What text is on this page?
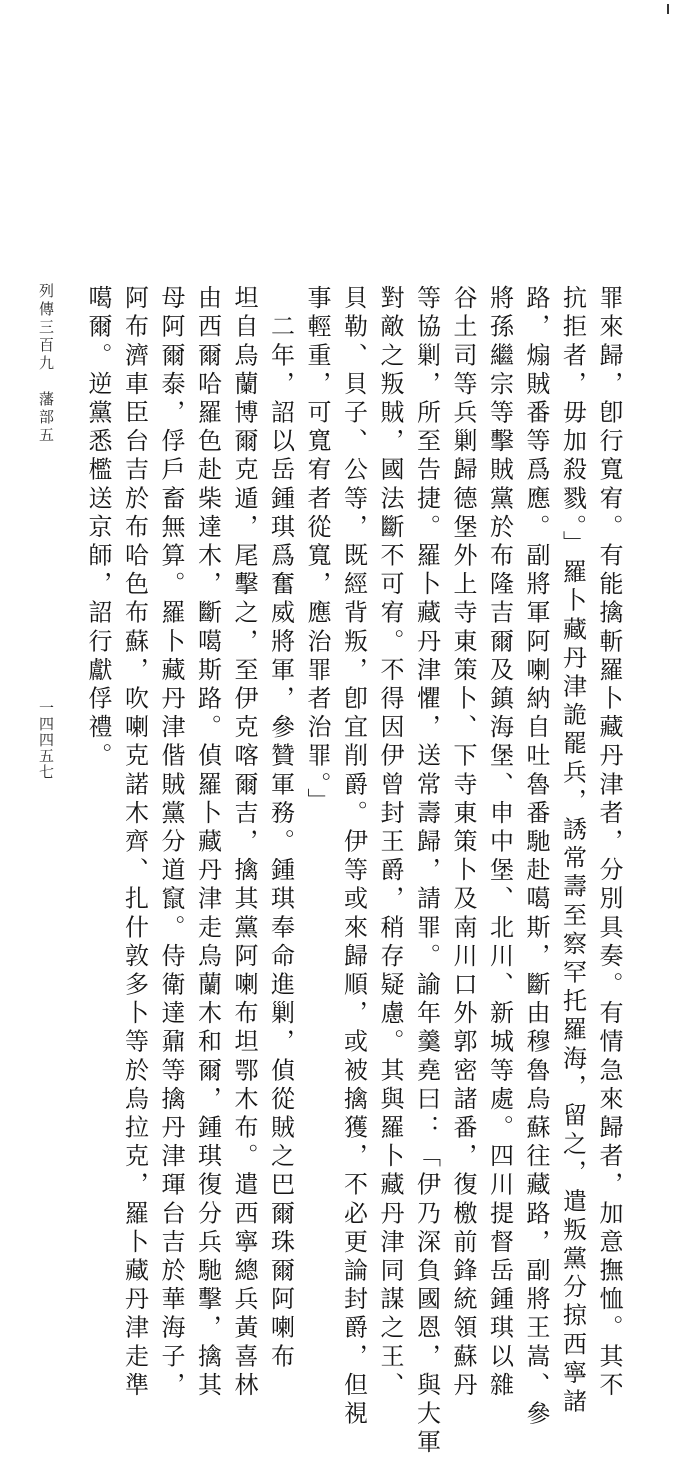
列傳三百九藩部五
一四四五七	罪來歸，卽行寬宥。有能擒斬羅卜藏丹津者，分別具奏。有情急來歸者，加意撫恤。其不
抗拒者，毋加殺戮。」羅卜藏丹津詭罷兵，誘常壽至察罕托羅海，留之，遣叛黨分掠西寧諸
路，煽賊番等爲應。副將軍阿喇納自吐魯番馳赴噶斯，斷由穆魯烏蘇往藏路，副將王嵩、參
將孫繼宗等擊賊黨於布隆吉爾及鎮海堡、申中堡、北川、新城等處。四川提督岳鍾琪以雜
谷土司等兵剿歸德堡外上寺東策卜、下寺東策卜及南川口外郭密諸番，復檄前鋒統領蘇丹
等協剿，所至告捷。羅卜藏丹津懼，送常壽歸，請罪。諭年羹堯曰：「伊乃深負國恩，與大軍
對敵之叛賊，國法斷不可宥。不得因伊曾封王爵，稍存疑慮。其與羅卜藏丹津同謀之王、
貝勒、貝子、公等，既經背叛，卽宜削爵。伊等或來歸順，或被擒獲，不必更論封爵，但視
事輕重，可寬宥者從寬，應治罪者治罪。」
　二年，詔以岳鍾琪爲奮威將軍，參贊軍務。鍾琪奉命進剿，偵從賊之巴爾珠爾阿喇布
坦自烏蘭博爾克遁，尾擊之，至伊克喀爾吉，擒其黨阿喇布坦鄂木布。遣西寧總兵黃喜林
由西爾哈羅色赴柴達木，斷噶斯路。偵羅卜藏丹津走烏蘭木和爾，鍾琪復分兵馳擊，擒其
母阿爾泰，俘戶畜無算。羅卜藏丹津偕賊黨分道竄。侍衛達鼐等擒丹津琿台吉於華海子，
阿布濟車臣台吉於布哈色布蘇，吹喇克諾木齊、扎什敦多卜等於烏拉克，羅卜藏丹津走準
噶爾。逆黨悉檻送京師，詔行獻俘禮。
